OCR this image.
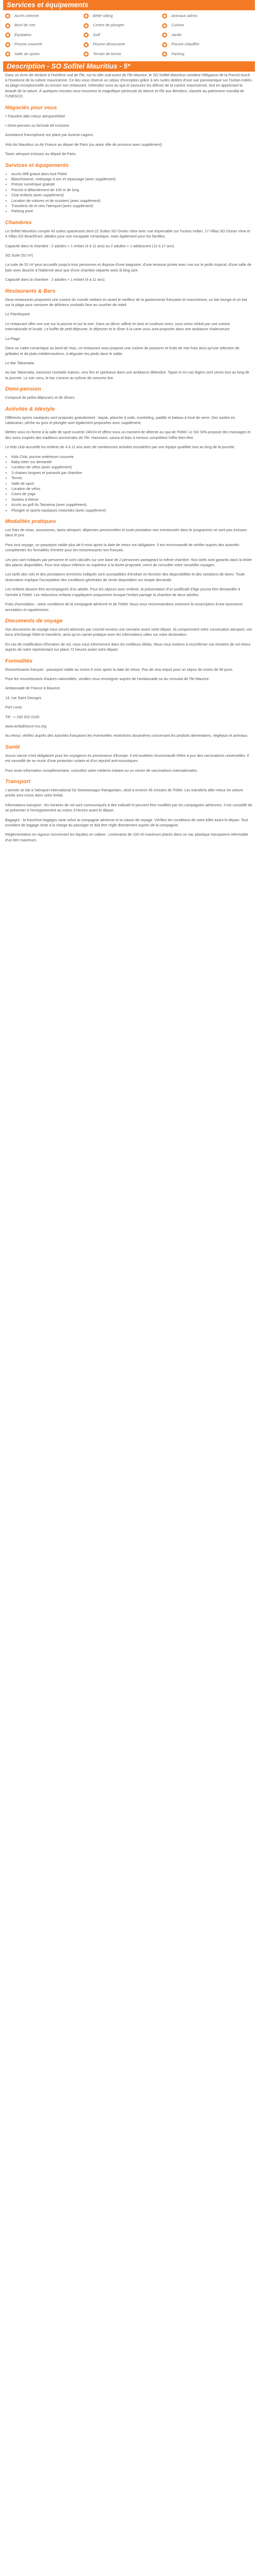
Services et équipements
Accès internet	Bébé sitting	Animaux admis
Bord de mer	Centre de plongée	Cuisine
Équitation	Golf	Jardin
Piscine couverte	Piscine découverte	Piscine chauffée
Salle de sports	Terrain de tennis	Parking
Description - SO Sofitel Mauritius - 5*

Dans un écrin de verdure à l'extrême sud de l'île, sur la côte sud-ouest de l'île Maurice, le SO Sofitel Mauritius combine l'élégance de la French touch à l'exotisme de la culture mauricienne. Ce lieu vous réserve un séjour d'exception grâce à ses suites dotées d'une vue panoramique sur l'océan indien, sa plage exceptionnelle ou encore son restaurant. Détendez-vous au spa et savourez les délices de la cuisine mauricienne, tout en appréciant la beauté de la nature. À quelques minutes vous trouverez la magnifique péninsule du Morne et l'île aux Bénitiers, classée au patrimoine mondial de l'UNESCO.

Négociés pour vous

• Transfert aller-retour aéroport/hôtel

• Demi-pension ou formule All inclusive

Assistance francophone sur place par Austral Lagons.

Vols Air Mauritius ou Air France au départ de Paris (ou autre ville de province avec supplément).

Taxes aéroport incluses au départ de Paris.

Services et équipements
• Accès Wifi gratuit dans tout l'hôtel
• Blanchisserie, nettoyage à sec et repassage (avec supplément)
• Presse numérique gratuite
• Piscine à débordement de 100 m de long
• Club enfants (avec supplément)
• Location de voitures et de scooters (avec supplément)
• Transferts de et vers l'aéroport (avec supplément)
• Parking privé
Chambres

Le Sofitel Mauritius compte 43 suites spacieuses dont 22 Suites SO Ocean View avec vue imprenable sur l'océan Indien, 17 Villas SO Ocean View et 4 Villas SO Beachfront, idéales pour une escapade romantique, mais également pour les familles.

Capacité dans la chambre : 2 adultes + 1 enfant (4 à 11 ans) ou 2 adultes + 1 adolescent (12 à 17 ans).

SO Suite (52 m²)

La suite de 52 m² peut accueillir jusqu'à trois personnes et dispose d'une baignoire, d'une terrasse privée avec vue sur le jardin tropical, d'une salle de bain avec douche à l'italienne ainsi que d'une chambre séparée avec lit king size.

Capacité dans la chambre : 2 adultes + 1 enfant (4 à 11 ans).

Restaurants & Bars

Deux restaurants proposent une cuisine du monde mettant en avant le meilleur de la gastronomie française et mauricienne, un bar lounge et un bar sur la plage pour savourer de délicieux cocktails face au coucher de soleil.

Le Flamboyant

Le restaurant offre une vue sur la piscine et sur la mer. Dans un décor raffiné en bois et couleurs vives, vous serez séduit par une cuisine internationale et locale. Le buffet de petit-déjeuner, le déjeuner et le dîner à la carte vous sont proposés dans une ambiance chaleureuse.

La Plage

Dans un cadre romantique au bord de l'eau, ce restaurant vous propose une cuisine de poissons et fruits de mer frais ainsi qu'une sélection de grillades et de plats méditerranéens, à déguster les pieds dans le sable.

Le Bar Takamaka

Au bar Takamaka, savourez cocktails maison, vins fins et spiritueux dans une ambiance détendue. Tapas et en-cas légers sont servis tout au long de la journée. Le soir venu, le bar s'anime au rythme de concerts live.

Demi-pension

Composé de petits-déjeuners et de dîners.

Activités & Idéstyle

Différents sports nautiques sont proposés gratuitement : kayak, planche à voile, snorkeling, paddle et bateau à fond de verre. Des sorties en catamaran, pêche au gros et plongée sont également proposées avec supplément.

Mettez-vous en forme à la salle de sport ouverte 24h/24 et offrez-vous un moment de détente au spa de l'hôtel. Le SO SPA propose des massages et des soins inspirés des traditions ancestrales de l'île. Hammam, sauna et bain à remous complètent l'offre bien-être.

Le kids club accueille les enfants de 4 à 11 ans avec de nombreuses activités encadrées par une équipe qualifiée tout au long de la journée.

• Kids Club, piscine extérieure couverte
• Baby-sitter sur demande
• Location de vélos (avec supplément)
• 3 chaises longues et parasols par chambre
• Tennis
• Salle de sport
• Location de vélos
• Cours de yoga
• Soirées à thème
• Accès au golf du Tamarina (avec supplément)
• Plongée et sports nautiques motorisés (avec supplément)
Modalités pratiques

Les frais de visas, assurances, taxes aéroport, dépenses personnelles et toute prestation non mentionnée dans le programme ne sont pas incluses dans le prix.

Pour tout voyage, un passeport valide plus de 6 mois après la date de retour est obligatoire. Il est recommandé de vérifier auprès des autorités compétentes les formalités d'entrée pour les ressortissants non français.

Les prix sont indiqués par personne et sont calculés sur une base de 2 personnes partageant la même chambre. Nos tarifs sont garantis dans la limite des places disponibles. Pour tout séjour inférieur ou supérieur à la durée proposée, merci de consulter votre conseiller voyages.

Les tarifs des vols et des prestations terrestres indiqués sont susceptibles d'évoluer en fonction des disponibilités et des variations de taxes. Toute réservation implique l'acceptation des conditions générales de vente disponibles sur simple demande.

Les enfants doivent être accompagnés d'un adulte. Pour les séjours avec enfants, la présentation d'un justificatif d'âge pourra être demandée à l'arrivée à l'hôtel. Les réductions enfants s'appliquent uniquement lorsque l'enfant partage la chambre de deux adultes.

Frais d'annulation : selon conditions de la compagnie aérienne et de l'hôtel. Nous vous recommandons vivement la souscription d'une assurance annulation et rapatriement.

Documents de voyage

Vos documents de voyage vous seront adressés par courriel environ une semaine avant votre départ. Ils comprennent votre convocation aéroport, vos bons d'échange hôtel et transferts, ainsi qu'un carnet pratique avec les informations utiles sur votre destination.

En cas de modification d'horaires de vol, nous vous informerons dans les meilleurs délais. Nous vous invitons à reconfirmer vos horaires de vol retour auprès de notre représentant sur place 72 heures avant votre départ.

Formalités

Ressortissants français : passeport valide au moins 6 mois après la date de retour. Pas de visa requis pour un séjour de moins de 90 jours.

Pour les ressortissants d'autres nationalités, veuillez vous renseigner auprès de l'ambassade ou du consulat de l'île Maurice.

Ambassade de France à Maurice

14, rue Saint Georges

Port Louis

Tél : + 230 202 0100

www.ambafrance-mu.org

Au retour, vérifiez auprès des autorités françaises les éventuelles restrictions douanières concernant les produits alimentaires, végétaux et animaux.

Santé

Aucun vaccin n'est obligatoire pour les voyageurs en provenance d'Europe. Il est toutefois recommandé d'être à jour des vaccinations universelles. Il est conseillé de se munir d'une protection solaire et d'un répulsif anti-moustiques.

Pour toute information complémentaire, consultez votre médecin traitant ou un centre de vaccinations internationales.

Transport

L'arrivée se fait à l'aéroport international Sir Seewoosagur Ramgoolam, situé à environ 45 minutes de l'hôtel. Les transferts aller-retour en voiture privée sont inclus dans votre forfait.

Informations transport : les horaires de vol sont communiqués à titre indicatif et peuvent être modifiés par les compagnies aériennes. Il est conseillé de se présenter à l'enregistrement au moins 3 heures avant le départ.

Bagages : la franchise bagages varie selon la compagnie aérienne et la classe de voyage. Vérifiez les conditions de votre billet avant le départ. Tout excédent de bagage reste à la charge du passager et doit être réglé directement auprès de la compagnie.

Réglementation en vigueur concernant les liquides en cabine : contenants de 100 ml maximum placés dans un sac plastique transparent refermable d'un litre maximum.
